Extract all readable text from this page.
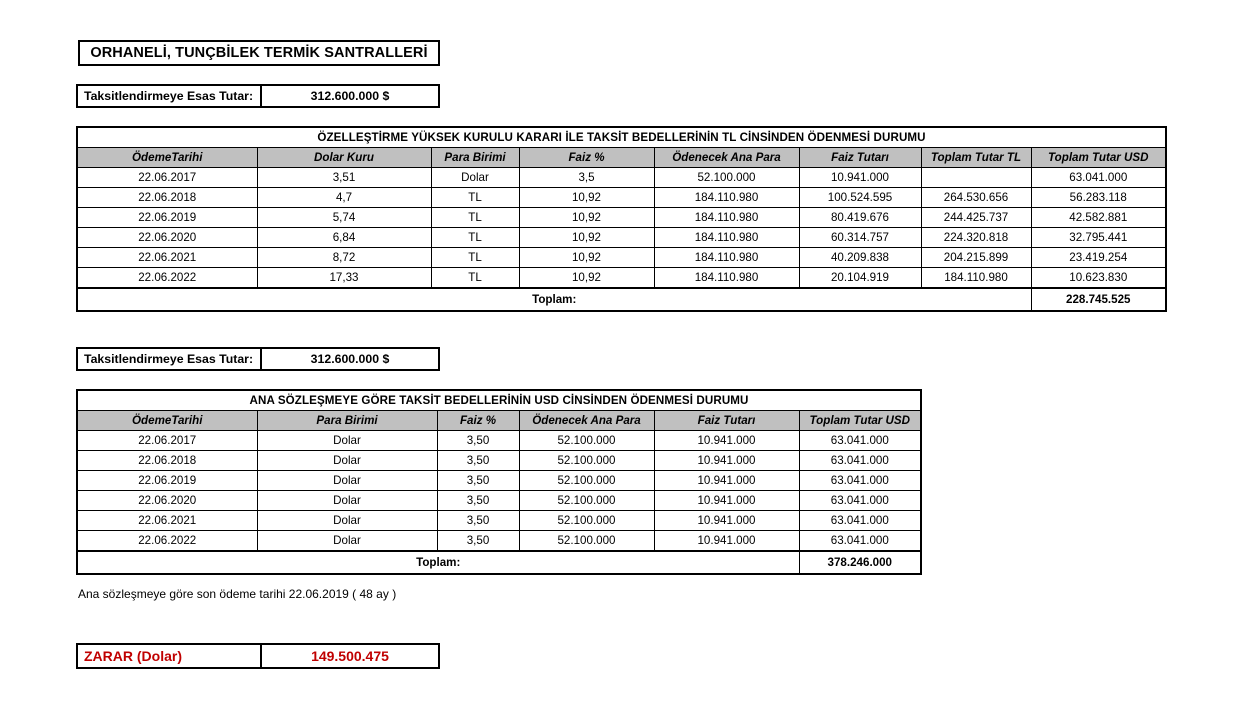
ORHANELİ, TUNÇBİLEK TERMİK SANTRALLERİ
Taksitlendirmeye Esas Tutar:	312.600.000 $
ÖZELLEŞTİRME YÜKSEK KURULU KARARI İLE TAKSİT BEDELLERİNİN TL CİNSİNDEN ÖDENMESİ DURUMU							
ÖdemeTarihi	Dolar Kuru	Para Birimi	Faiz %	Ödenecek Ana Para	Faiz Tutarı	Toplam Tutar TL	Toplam Tutar USD
22.06.2017	3,51	Dolar	3,5	52.100.000	10.941.000		63.041.000
22.06.2018	4,7	TL	10,92	184.110.980	100.524.595	264.530.656	56.283.118
22.06.2019	5,74	TL	10,92	184.110.980	80.419.676	244.425.737	42.582.881
22.06.2020	6,84	TL	10,92	184.110.980	60.314.757	224.320.818	32.795.441
22.06.2021	8,72	TL	10,92	184.110.980	40.209.838	204.215.899	23.419.254
22.06.2022	17,33	TL	10,92	184.110.980	20.104.919	184.110.980	10.623.830
Toplam:							228.745.525
Taksitlendirmeye Esas Tutar:	312.600.000 $
ANA SÖZLEŞMEYE GÖRE TAKSİT BEDELLERİNİN USD CİNSİNDEN ÖDENMESİ DURUMU					
ÖdemeTarihi	Para Birimi	Faiz %	Ödenecek Ana Para	Faiz Tutarı	Toplam Tutar USD
22.06.2017	Dolar	3,50	52.100.000	10.941.000	63.041.000
22.06.2018	Dolar	3,50	52.100.000	10.941.000	63.041.000
22.06.2019	Dolar	3,50	52.100.000	10.941.000	63.041.000
22.06.2020	Dolar	3,50	52.100.000	10.941.000	63.041.000
22.06.2021	Dolar	3,50	52.100.000	10.941.000	63.041.000
22.06.2022	Dolar	3,50	52.100.000	10.941.000	63.041.000
Toplam:					378.246.000
Ana sözleşmeye göre son ödeme tarihi 22.06.2019 ( 48 ay )
ZARAR (Dolar)	149.500.475
